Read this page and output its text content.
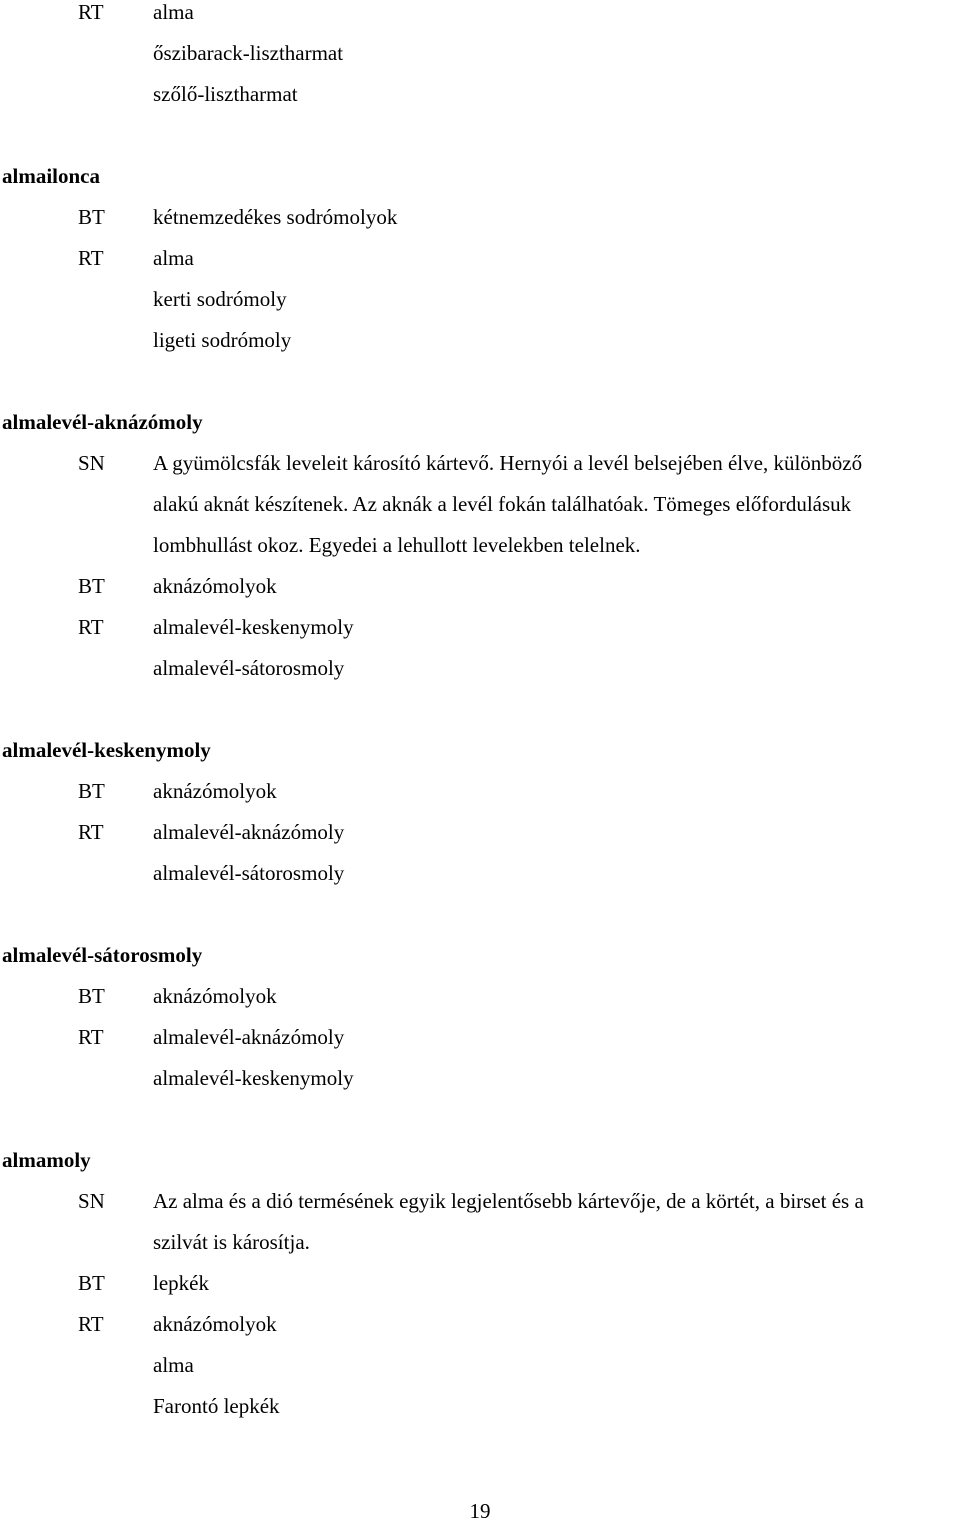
RT alma
őszibarack-lisztharmat
szőlő-lisztharmat
almailonca
BT kétnemzedékes sodrómolyok
RT alma
kerti sodrómoly
ligeti sodrómoly
almalevél-aknázómoly
SN A gyümölcsfák leveleit károsító kártevő. Hernyói a levél belsejében élve, különböző
alakú aknát készítenek. Az aknák a levél fokán találhatóak. Tömeges előfordulásuk
lombhullást okoz. Egyedei a lehullott levelekben telelnek.
BT aknázómolyok
RT almalevél-keskenymoly
almalevél-sátorosmoly
almalevél-keskenymoly
BT aknázómolyok
RT almalevél-aknázómoly
almalevél-sátorosmoly
almalevél-sátorosmoly
BT aknázómolyok
RT almalevél-aknázómoly
almalevél-keskenymoly
almamoly
SN Az alma és a dió termésének egyik legjelentősebb kártevője, de a körtét, a birset és a
szilvát is károsítja.
BT lepkék
RT aknázómolyok
alma
Farontó lepkék
19
